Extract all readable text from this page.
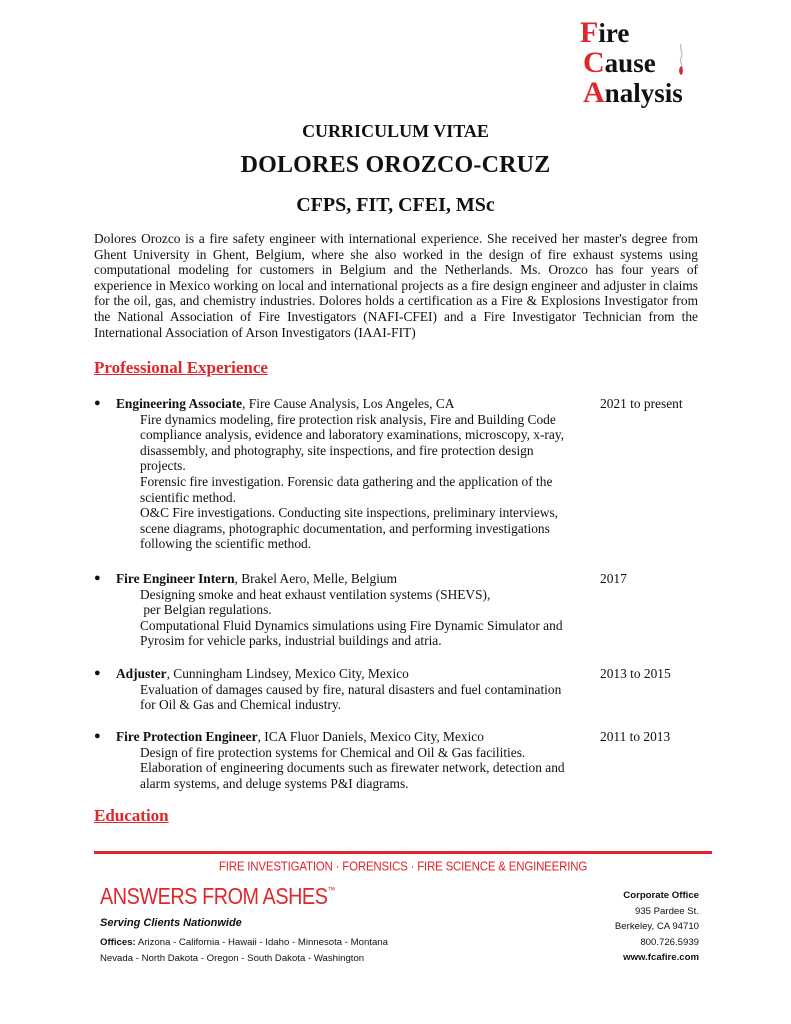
Fire
Cause
Analysis
CURRICULUM VITAE
DOLORES OROZCO-CRUZ
CFPS, FIT, CFEI, MSc
Dolores Orozco is a fire safety engineer with international experience. She received her master's degree from Ghent University in Ghent, Belgium, where she also worked in the design of fire exhaust systems using computational modeling for customers in Belgium and the Netherlands. Ms. Orozco has four years of experience in Mexico working on local and international projects as a fire design engineer and adjuster in claims for the oil, gas, and chemistry industries. Dolores holds a certification as a Fire & Explosions Investigator from the National Association of Fire Investigators (NAFI-CFEI) and a Fire Investigator Technician from the International Association of Arson Investigators (IAAI-FIT)
Professional Experience
● Engineering Associate, Fire Cause Analysis, Los Angeles, CA	2021 to present
Fire dynamics modeling, fire protection risk analysis, Fire and Building Code
compliance analysis, evidence and laboratory examinations, microscopy, x-ray,
disassembly, and photography, site inspections, and fire protection design
projects.
Forensic fire investigation. Forensic data gathering and the application of the
scientific method.
O&C Fire investigations. Conducting site inspections, preliminary interviews,
scene diagrams, photographic documentation, and performing investigations
following the scientific method.
● Fire Engineer Intern, Brakel Aero, Melle, Belgium	2017
Designing smoke and heat exhaust ventilation systems (SHEVS),
per Belgian regulations.
Computational Fluid Dynamics simulations using Fire Dynamic Simulator and
Pyrosim for vehicle parks, industrial buildings and atria.
● Adjuster, Cunningham Lindsey, Mexico City, Mexico	2013 to 2015
Evaluation of damages caused by fire, natural disasters and fuel contamination
for Oil & Gas and Chemical industry.
● Fire Protection Engineer, ICA Fluor Daniels, Mexico City, Mexico	2011 to 2013
Design of fire protection systems for Chemical and Oil & Gas facilities.
Elaboration of engineering documents such as firewater network, detection and
alarm systems, and deluge systems P&I diagrams.
Education
FIRE INVESTIGATION · FORENSICS · FIRE SCIENCE & ENGINEERING
ANSWERS FROM ASHES™
Serving Clients Nationwide
Offices: Arizona - California - Hawaii - Idaho - Minnesota - Montana
Nevada - North Dakota - Oregon - South Dakota - Washington
Corporate Office
935 Pardee St.
Berkeley, CA 94710
800.726.5939
www.fcafire.com
